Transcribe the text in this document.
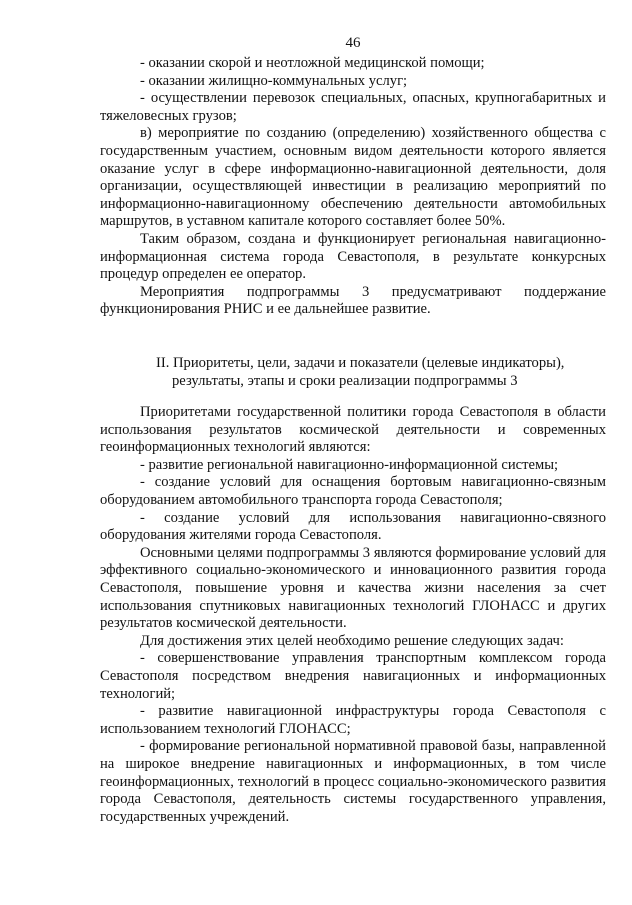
46

- оказании скорой и неотложной медицинской помощи;

- оказании жилищно-коммунальных услуг;

- осуществлении перевозок специальных, опасных, крупногабаритных и тяжеловесных грузов;

в) мероприятие по созданию (определению) хозяйственного общества с государственным участием, основным видом деятельности которого является оказание услуг в сфере информационно-навигационной деятельности, доля организации, осуществляющей инвестиции в реализацию мероприятий по информационно-навигационному обеспечению деятельности автомобильных маршрутов, в уставном капитале которого составляет более 50%.

Таким образом, создана и функционирует региональная навигационно-информационная система города Севастополя, в результате конкурсных процедур определен ее оператор.

Мероприятия подпрограммы 3 предусматривают поддержание функционирования РНИС и ее дальнейшее развитие.

II. Приоритеты, цели, задачи и показатели (целевые индикаторы),
результаты, этапы и сроки реализации подпрограммы 3

Приоритетами государственной политики города Севастополя в области использования результатов космической деятельности и современных геоинформационных технологий являются:

- развитие региональной навигационно-информационной системы;

- создание условий для оснащения бортовым навигационно-связным оборудованием автомобильного транспорта города Севастополя;

- создание условий для использования навигационно-связного оборудования жителями города Севастополя.

Основными целями подпрограммы 3 являются формирование условий для эффективного социально-экономического и инновационного развития города Севастополя, повышение уровня и качества жизни населения за счет использования спутниковых навигационных технологий ГЛОНАСС и других результатов космической деятельности.

Для достижения этих целей необходимо решение следующих задач:

- совершенствование управления транспортным комплексом города Севастополя посредством внедрения навигационных и информационных технологий;

- развитие навигационной инфраструктуры города Севастополя с использованием технологий ГЛОНАСС;

- формирование региональной нормативной правовой базы, направленной на широкое внедрение навигационных и информационных, в том числе геоинформационных, технологий в процесс социально-экономического развития города Севастополя, деятельность системы государственного управления, государственных учреждений.
